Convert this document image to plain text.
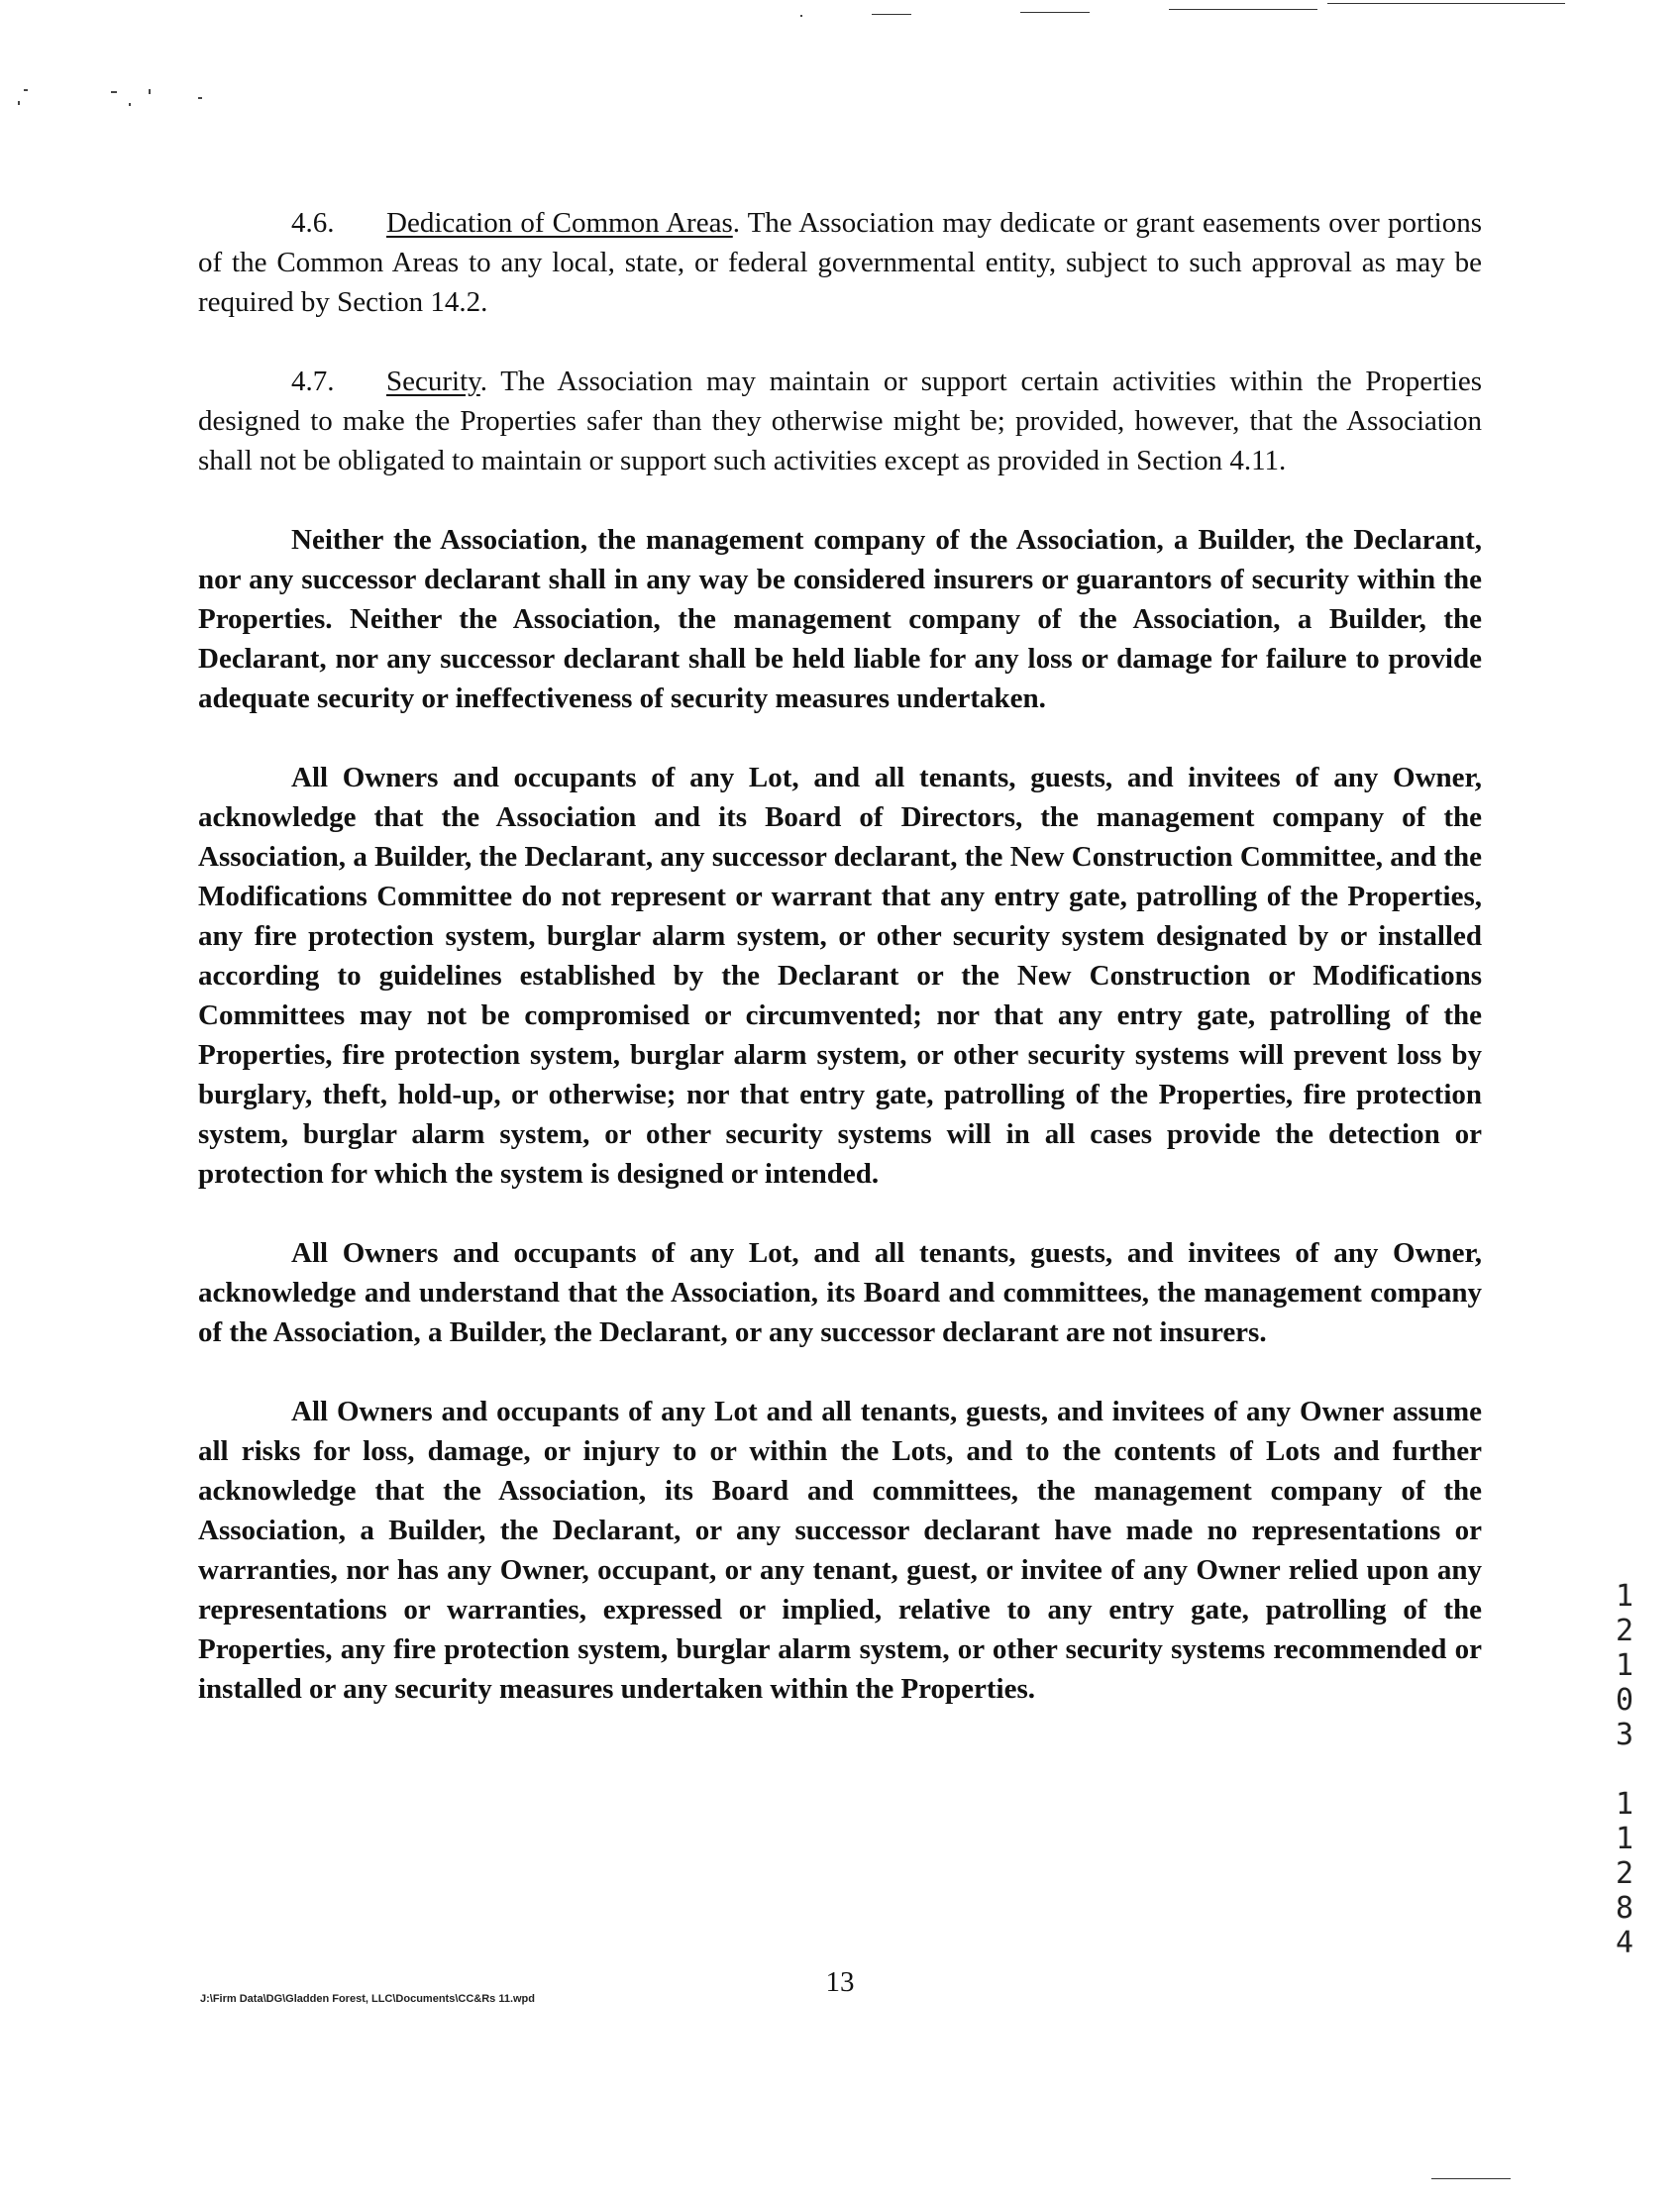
4.6. Dedication of Common Areas. The Association may dedicate or grant easements over portions of the Common Areas to any local, state, or federal governmental entity, subject to such approval as may be required by Section 14.2.

4.7. Security. The Association may maintain or support certain activities within the Properties designed to make the Properties safer than they otherwise might be; provided, however, that the Association shall not be obligated to maintain or support such activities except as provided in Section 4.11.

Neither the Association, the management company of the Association, a Builder, the Declarant, nor any successor declarant shall in any way be considered insurers or guarantors of security within the Properties. Neither the Association, the management company of the Association, a Builder, the Declarant, nor any successor declarant shall be held liable for any loss or damage for failure to provide adequate security or ineffectiveness of security measures undertaken.

All Owners and occupants of any Lot, and all tenants, guests, and invitees of any Owner, acknowledge that the Association and its Board of Directors, the management company of the Association, a Builder, the Declarant, any successor declarant, the New Construction Committee, and the Modifications Committee do not represent or warrant that any entry gate, patrolling of the Properties, any fire protection system, burglar alarm system, or other security system designated by or installed according to guidelines established by the Declarant or the New Construction or Modifications Committees may not be compromised or circumvented; nor that any entry gate, patrolling of the Properties, fire protection system, burglar alarm system, or other security systems will prevent loss by burglary, theft, hold-up, or otherwise; nor that entry gate, patrolling of the Properties, fire protection system, burglar alarm system, or other security systems will in all cases provide the detection or protection for which the system is designed or intended.

All Owners and occupants of any Lot, and all tenants, guests, and invitees of any Owner, acknowledge and understand that the Association, its Board and committees, the management company of the Association, a Builder, the Declarant, or any successor declarant are not insurers.

All Owners and occupants of any Lot and all tenants, guests, and invitees of any Owner assume all risks for loss, damage, or injury to or within the Lots, and to the contents of Lots and further acknowledge that the Association, its Board and committees, the management company of the Association, a Builder, the Declarant, or any successor declarant have made no representations or warranties, nor has any Owner, occupant, or any tenant, guest, or invitee of any Owner relied upon any representations or warranties, expressed or implied, relative to any entry gate, patrolling of the Properties, any fire protection system, burglar alarm system, or other security systems recommended or installed or any security measures undertaken within the Properties.

13
J:\Firm Data\DG\Gladden Forest, LLC\Documents\CC&Rs 11.wpd
1
2
1
0
3
1
1
2
8
4
